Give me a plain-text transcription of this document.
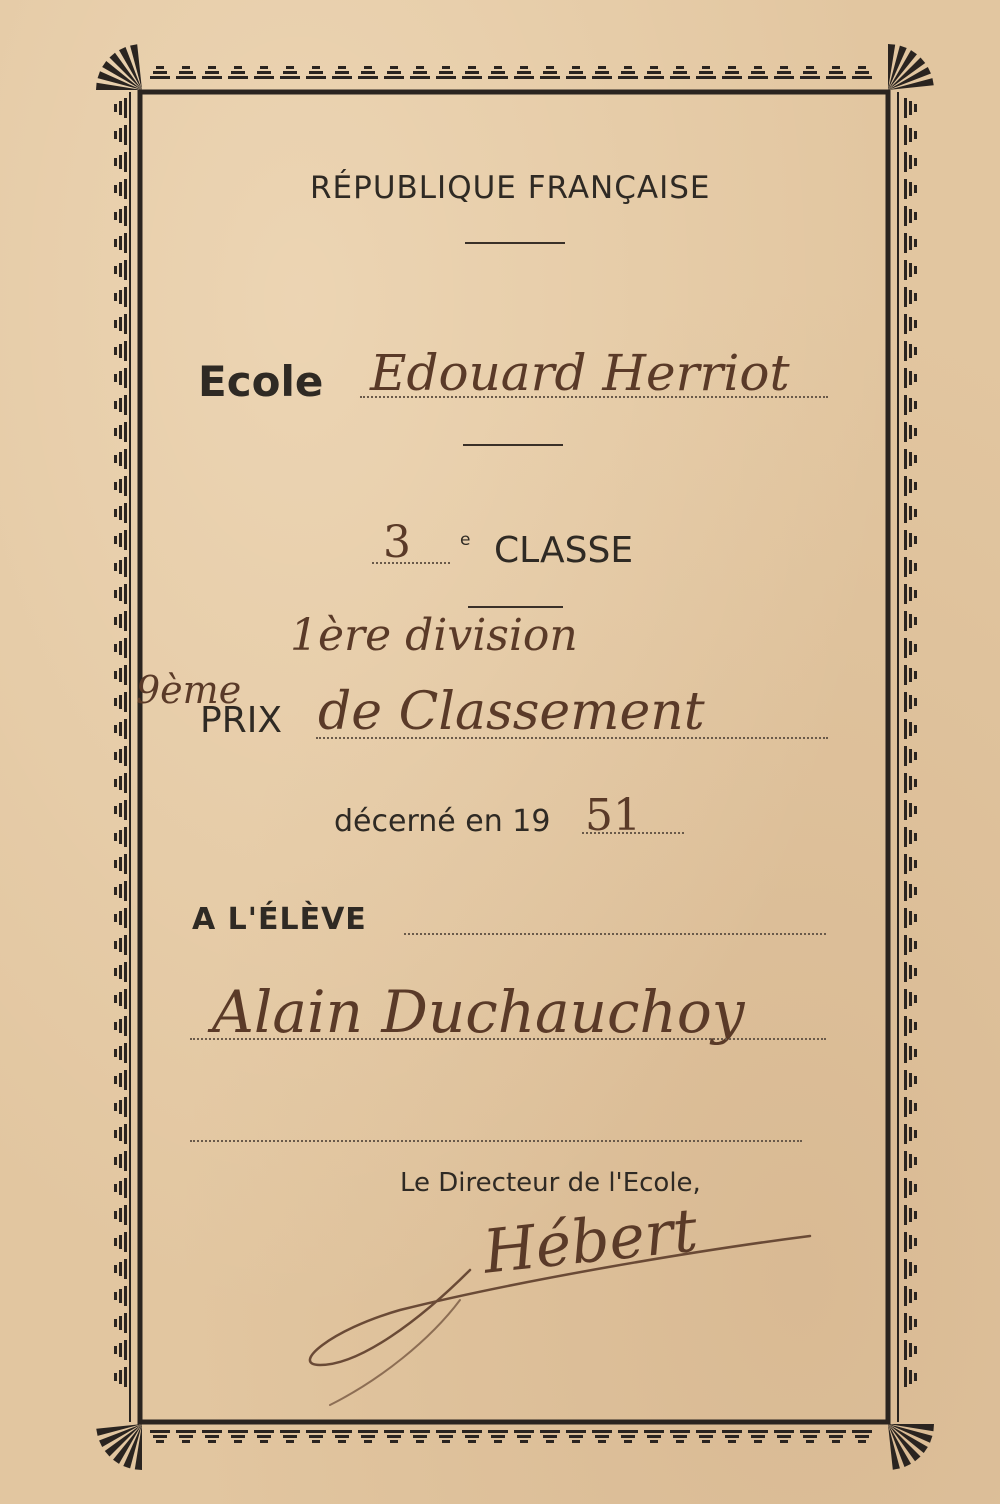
RÉPUBLIQUE FRANÇAISE
Ecole Edouard Herriot
3	e CLASSE
1ère division
9ème
PRIX de Classement
décerné en 19 51
A L'ÉLÈVE
Alain Duchauchoy
Le Directeur de l'Ecole,
Hébert
